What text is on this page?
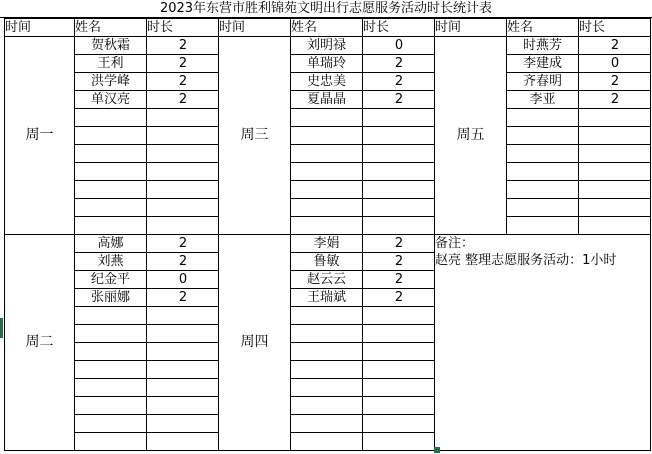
2023年东营市胜利锦苑文明出行志愿服务活动时长统计表
时间	姓名	时长	时间	姓名	时长	时间	姓名	时长
周一	贺秋霜	2	周三	刘明禄	0	周五	时燕芳	2
	王利	2		单瑞玲	2		李建成	0
	洪学峰	2		史忠美	2		齐春明	2
	单汉亮	2		夏晶晶	2		李亚	2

周二	高娜	2	周四	李娟	2	备注：
赵亮 整理志愿服务活动：1小时		

	刘燕	2		鲁敏	2			
	纪金平	0		赵云云	2			
	张丽娜	2		王瑞斌	2			
